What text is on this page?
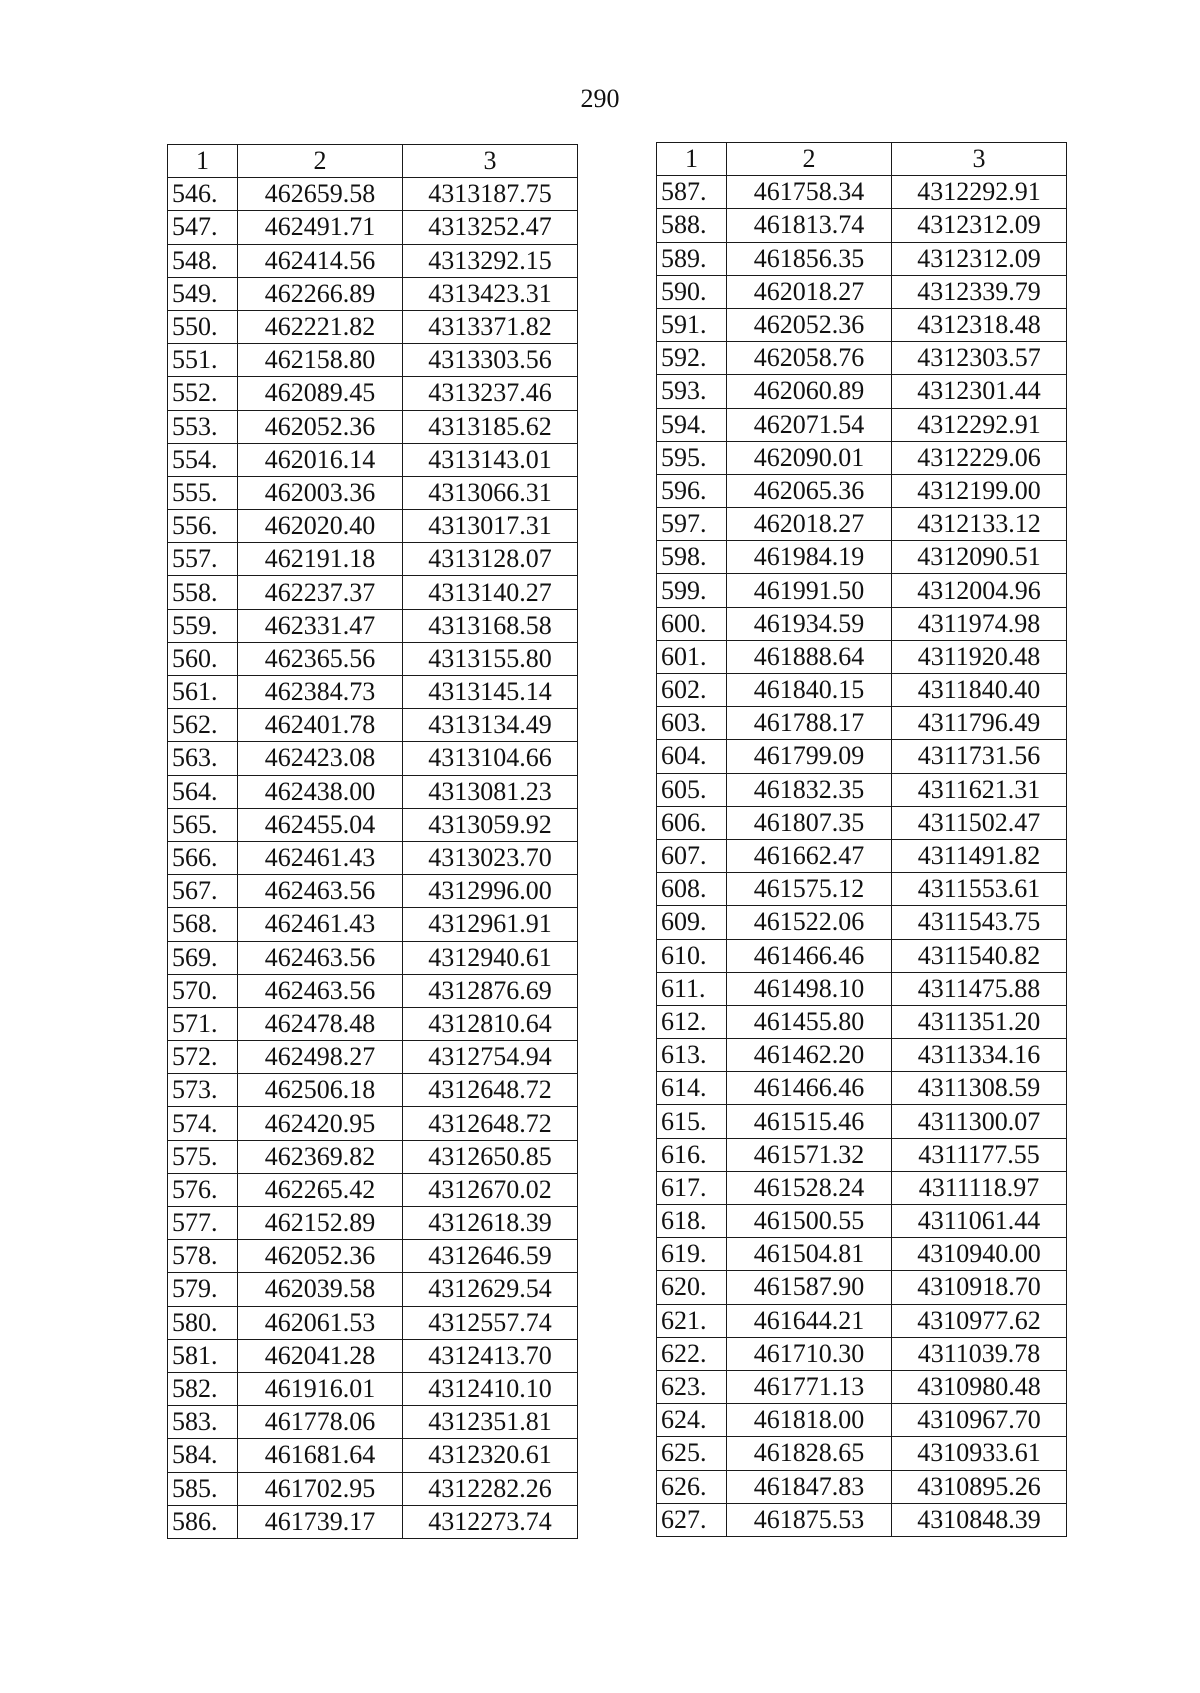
290
1	2	3
546.	462659.58	4313187.75
547.	462491.71	4313252.47
548.	462414.56	4313292.15
549.	462266.89	4313423.31
550.	462221.82	4313371.82
551.	462158.80	4313303.56
552.	462089.45	4313237.46
553.	462052.36	4313185.62
554.	462016.14	4313143.01
555.	462003.36	4313066.31
556.	462020.40	4313017.31
557.	462191.18	4313128.07
558.	462237.37	4313140.27
559.	462331.47	4313168.58
560.	462365.56	4313155.80
561.	462384.73	4313145.14
562.	462401.78	4313134.49
563.	462423.08	4313104.66
564.	462438.00	4313081.23
565.	462455.04	4313059.92
566.	462461.43	4313023.70
567.	462463.56	4312996.00
568.	462461.43	4312961.91
569.	462463.56	4312940.61
570.	462463.56	4312876.69
571.	462478.48	4312810.64
572.	462498.27	4312754.94
573.	462506.18	4312648.72
574.	462420.95	4312648.72
575.	462369.82	4312650.85
576.	462265.42	4312670.02
577.	462152.89	4312618.39
578.	462052.36	4312646.59
579.	462039.58	4312629.54
580.	462061.53	4312557.74
581.	462041.28	4312413.70
582.	461916.01	4312410.10
583.	461778.06	4312351.81
584.	461681.64	4312320.61
585.	461702.95	4312282.26
586.	461739.17	4312273.74
1	2	3
587.	461758.34	4312292.91
588.	461813.74	4312312.09
589.	461856.35	4312312.09
590.	462018.27	4312339.79
591.	462052.36	4312318.48
592.	462058.76	4312303.57
593.	462060.89	4312301.44
594.	462071.54	4312292.91
595.	462090.01	4312229.06
596.	462065.36	4312199.00
597.	462018.27	4312133.12
598.	461984.19	4312090.51
599.	461991.50	4312004.96
600.	461934.59	4311974.98
601.	461888.64	4311920.48
602.	461840.15	4311840.40
603.	461788.17	4311796.49
604.	461799.09	4311731.56
605.	461832.35	4311621.31
606.	461807.35	4311502.47
607.	461662.47	4311491.82
608.	461575.12	4311553.61
609.	461522.06	4311543.75
610.	461466.46	4311540.82
611.	461498.10	4311475.88
612.	461455.80	4311351.20
613.	461462.20	4311334.16
614.	461466.46	4311308.59
615.	461515.46	4311300.07
616.	461571.32	4311177.55
617.	461528.24	4311118.97
618.	461500.55	4311061.44
619.	461504.81	4310940.00
620.	461587.90	4310918.70
621.	461644.21	4310977.62
622.	461710.30	4311039.78
623.	461771.13	4310980.48
624.	461818.00	4310967.70
625.	461828.65	4310933.61
626.	461847.83	4310895.26
627.	461875.53	4310848.39
